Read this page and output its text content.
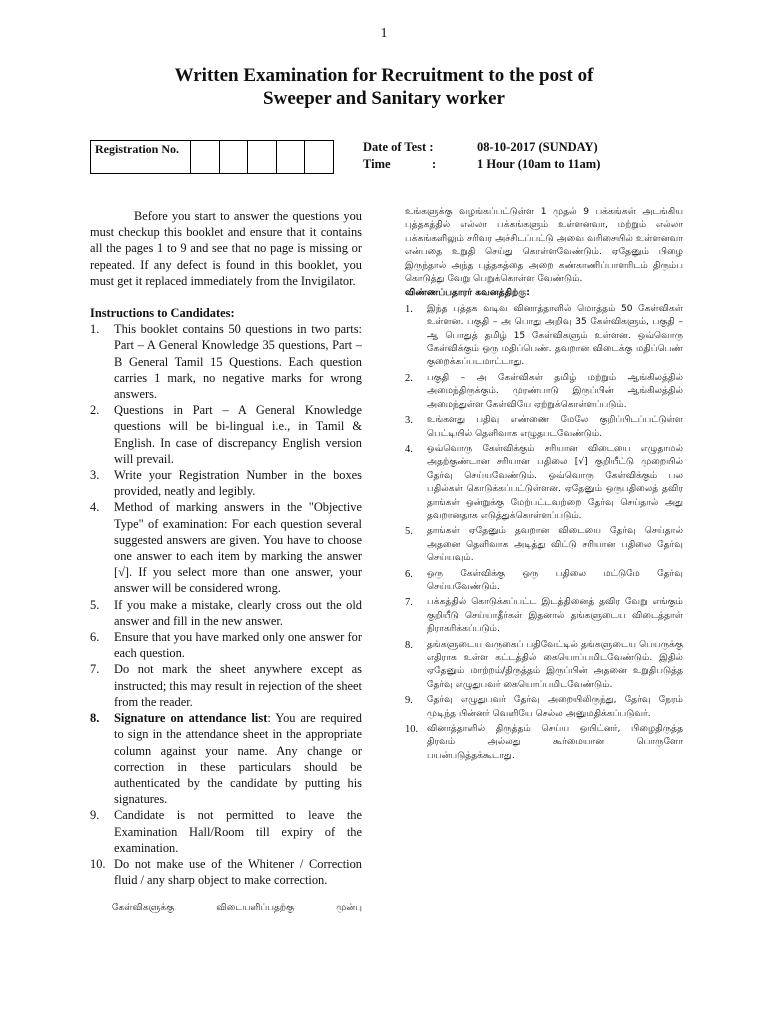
1
Written Examination for Recruitment to the post of
Sweeper and Sanitary worker
Registration No.	Date of Test :	08-10-2017 (SUNDAY)
Time	:	1 Hour (10am to 11am)

Before you start to answer the questions you must checkup this booklet and ensure that it contains all the pages 1 to 9 and see that no page is missing or repeated. If any defect is found in this booklet, you must get it replaced immediately from the Invigilator.

Instructions to Candidates:

1.	This booklet contains 50 questions in two parts: Part – A General Knowledge 35 questions, Part – B General Tamil 15 Questions. Each question carries 1 mark, no negative marks for wrong answers.
2.	Questions in Part – A General Knowledge questions will be bi-lingual i.e., in Tamil & English. In case of discrepancy English version will prevail.
3.	Write your Registration Number in the boxes provided, neatly and legibly.
4.	Method of marking answers in the "Objective Type" of examination: For each question several suggested answers are given. You have to choose one answer to each item by marking the answer [√]. If you select more than one answer, your answer will be considered wrong.
5.	If you make a mistake, clearly cross out the old answer and fill in the new answer.
6.	Ensure that you have marked only one answer for each question.
7.	Do not mark the sheet anywhere except as instructed; this may result in rejection of the sheet from the reader.
8.	Signature on attendance list: You are required to sign in the attendance sheet in the appropriate column against your name. Any change or correction in these particulars should be authenticated by the candidate by putting his signatures.
9.	Candidate is not permitted to leave the Examination Hall/Room till expiry of the examination.
10. Do not make use of the Whitener / Correction fluid / any sharp object to make correction.
கேள்விகளுக்கு விடையளிப்பதற்கு முன்பு

உங்களுக்கு வழங்கப்பட்டுள்ள 1 முதல் 9 பக்கங்கள் அடங்கிய புத்தகத்தில் எல்லா பக்கங்களும் உள்ளனவா, மற்றும் எல்லா பக்கங்களிலும் சரிவர அச்சிடப்பட்டு அவை வரிசையில் உள்ளனவா என்பதை உறுதி செய்து கொள்ளவேண்டும். ஏதேனும் பிழை இருந்தால் அந்த புத்தகத்தை அறை கண்காணிப்பாளரிடம் திரும்ப கொடுத்து வேறு பெறுக்கொள்ள வேண்டும்.

விண்ணப்பதாரர் கவனத்திற்கு:

1.	இந்த புத்தக வடிவ வினாத்தாளில் மொத்தம் 50 கேள்விகள் உள்ளன. பகுதி – அ பொது அறிவு 35 கேள்விகளும், பகுதி – ஆ பொதுத் தமிழ் 15 கேள்விகளும் உள்ளன. ஒவ்வொரு கேள்விக்கும் ஒரு மதிப்பெண். தவறான விடைக்கு மதிப்பெண் குறைக்கப்படமாட்டாது.
2.	பகுதி – அ கேள்விகள் தமிழ் மற்றும் ஆங்கிலத்தில் அமைந்திருக்கும். முரண்பாடு இருப்பின் ஆங்கிலத்தில் அமைந்துள்ள கேள்வியே ஏற்றுக்கொள்ளப்படும்.
3.	உங்களது பதிவு எண்ணை மேலே குறிப்பிடப்பட்டுள்ள பெட்டியில் தெளிவாக எழுதபடவேண்டும்.
4.	ஒவ்வொரு கேள்விக்கும் சரியான விடையை எழுதாமல் அதற்குண்டான சரியான பதிலை [√] குறியீட்டு முறையில் தேர்வு செய்யவேண்டும். ஒவ்வொரு கேள்விக்கும் பல பதில்கள் கொடுக்கப்பட்டுள்ளன. ஏதேனும் ஒருபதிலைத் தவிர தாங்கள் ஒன்றுக்கு மேற்பட்டவற்றை தேர்வு செய்தால் அது தவறானதாக எடுத்துக்கொள்ளப்படும்.
5.	தாங்கள் ஏதேனும் தவறான விடையை தேர்வு செய்தால் அதனை தெளிவாக அடித்து விட்டு சரியான பதிலை தேர்வு செய்யவும்.
6.	ஒரு கேள்விக்கு ஒரு பதிலை மட்டுமே தேர்வு செய்யவேண்டும்.
7.	பக்கத்தில் கொடுக்கப்பட்ட இடத்தினைத் தவிர வேறு எங்கும் குறியீடு செய்யாதீர்கள் இதனால் தங்களுடைய விடைத்தாள் நிராகரிக்கப்படும்.
8.	தங்களுடைய வருகைப் பதிவேட்டில் தங்களுடைய பெயருக்கு எதிராக உள்ள கட்டத்தில் கையொப்பமிடவேண்டும். இதில் ஏதேனும் மாற்றம்/திருத்தம் இருப்பின் அதனை உறுதிபடுத்த தேர்வு எழுதுபவர் கையொப்பமிடவேண்டும்.
9.	தேர்வு எழுதுபவர் தேர்வு அறையிலிருந்து, தேர்வு நேரம் முடிந்த பின்னர் வெளியே செல்ல அனுமதிக்கப்படுவர்.
10. வினாத்தாளில் திருத்தம் செய்ய ஒயிட்னர், பிழைதிருத்த திரவம் அல்லது கூர்மையான பொருளோ பயன்படுத்தக்கூடாது.
